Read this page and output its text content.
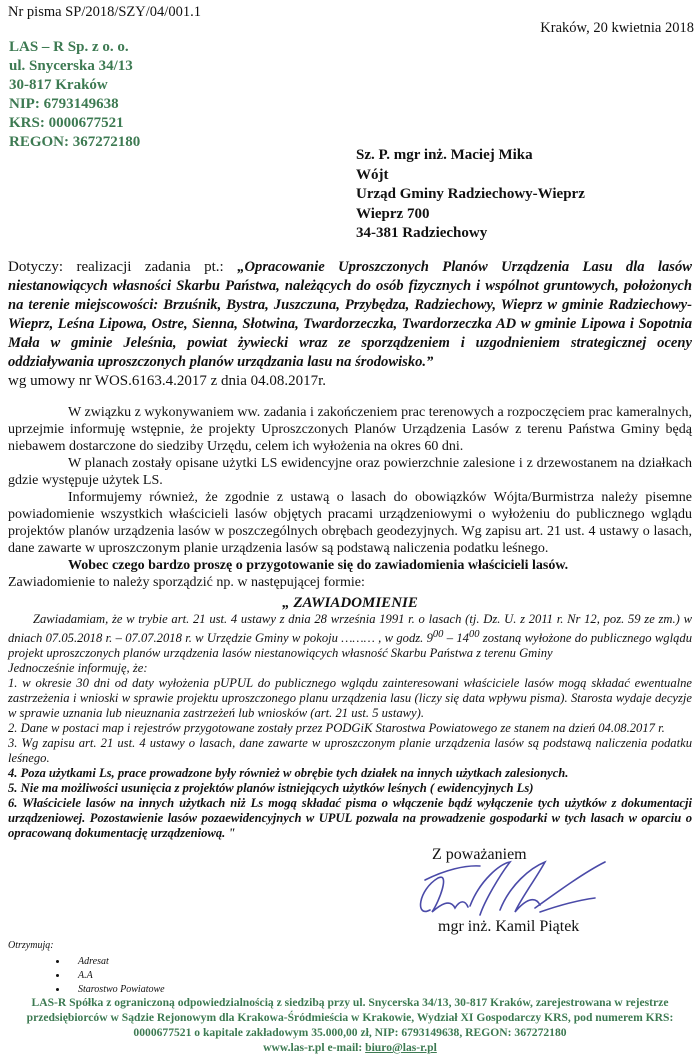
Nr pisma SP/2018/SZY/04/001.1
LAS – R Sp. z o. o.
ul. Snycerska 34/13
30-817 Kraków
NIP: 6793149638
KRS: 0000677521
REGON: 367272180
Kraków, 20 kwietnia 2018
Sz. P. mgr inż. Maciej Mika
Wójt
Urząd Gminy Radziechowy-Wieprz
Wieprz 700
34-381 Radziechowy
Dotyczy: realizacji zadania pt.: „Opracowanie Uproszczonych Planów Urządzenia Lasu dla lasów niestanowiących własności Skarbu Państwa, należących do osób fizycznych i wspólnot gruntowych, położonych na terenie miejscowości: Brzuśnik, Bystra, Juszczuna, Przybędza, Radziechowy, Wieprz w gminie Radziechowy-Wieprz, Leśna Lipowa, Ostre, Sienna, Słotwina, Twardorzeczka, Twardorzeczka AD w gminie Lipowa i Sopotnia Mała w gminie Jeleśnia, powiat żywiecki wraz ze sporządzeniem i uzgodnieniem strategicznej oceny oddziaływania uproszczonych planów urządzania lasu na środowisko.”
wg umowy nr WOS.6163.4.2017 z dnia 04.08.2017r.

W związku z wykonywaniem ww. zadania i zakończeniem prac terenowych a rozpoczęciem prac kameralnych, uprzejmie informuję wstępnie, że projekty Uproszczonych Planów Urządzenia Lasów z terenu Państwa Gminy będą niebawem dostarczone do siedziby Urzędu, celem ich wyłożenia na okres 60 dni.

W planach zostały opisane użytki LS ewidencyjne oraz powierzchnie zalesione i z drzewostanem na działkach gdzie występuje użytek LS.

Informujemy również, że zgodnie z ustawą o lasach do obowiązków Wójta/Burmistrza należy pisemne powiadomienie wszystkich właścicieli lasów objętych pracami urządzeniowymi o wyłożeniu do publicznego wglądu projektów planów urządzenia lasów w poszczególnych obrębach geodezyjnych. Wg zapisu art. 21 ust. 4 ustawy o lasach, dane zawarte w uproszczonym planie urządzenia lasów są podstawą naliczenia podatku leśnego.

Wobec czego bardzo proszę o przygotowanie się do zawiadomienia właścicieli lasów.

Zawiadomienie to należy sporządzić np. w następującej formie:

„ ZAWIADOMIENIE

Zawiadamiam, że w trybie art. 21 ust. 4 ustawy z dnia 28 września 1991 r. o lasach (tj. Dz. U. z 2011 r. Nr 12, poz. 59 ze zm.) w dniach 07.05.2018 r. – 07.07.2018 r. w Urzędzie Gminy w pokoju ……… , w godz. $9^{00} - 14^{00}$ zostaną wyłożone do publicznego wglądu projekt uproszczonych planów urządzenia lasów niestanowiących własność Skarbu Państwa z terenu Gminy

Jednocześnie informuję, że:

1. w okresie 30 dni od daty wyłożenia pUPUL do publicznego wglądu zainteresowani właściciele lasów mogą składać ewentualne zastrzeżenia i wnioski w sprawie projektu uproszczonego planu urządzenia lasu (liczy się data wpływu pisma). Starosta wydaje decyzje w sprawie uznania lub nieuznania zastrzeżeń lub wniosków (art. 21 ust. 5 ustawy).

2. Dane w postaci map i rejestrów przygotowane zostały przez PODGiK Starostwa Powiatowego ze stanem na dzień 04.08.2017 r.

3. Wg zapisu art. 21 ust. 4 ustawy o lasach, dane zawarte w uproszczonym planie urządzenia lasów są podstawą naliczenia podatku leśnego.

4. Poza użytkami Ls, prace prowadzone były również w obrębie tych działek na innych użytkach zalesionych.

5. Nie ma możliwości usunięcia z projektów planów istniejących użytków leśnych ( ewidencyjnych Ls)

6. Właściciele lasów na innych użytkach niż Ls mogą składać pisma o włączenie bądź wyłączenie tych użytków z dokumentacji urządzeniowej. Pozostawienie lasów pozaewidencyjnych w UPUL pozwala na prowadzenie gospodarki w tych lasach w oparciu o opracowaną dokumentację urządzeniową. "

Z poważaniem
mgr inż. Kamil Piątek
Otrzymują:
• Adresat
• A.A
• Starostwo Powiatowe
LAS-R Spółka z ograniczoną odpowiedzialnością z siedzibą przy ul. Snycerska 34/13, 30-817 Kraków, zarejestrowana w rejestrze
przedsiębiorców w Sądzie Rejonowym dla Krakowa-Śródmieścia w Krakowie, Wydział XI Gospodarczy KRS, pod numerem KRS:
0000677521 o kapitale zakładowym 35.000,00 zł, NIP: 6793149638, REGON: 367272180
www.las-r.pl e-mail: biuro@las-r.pl
